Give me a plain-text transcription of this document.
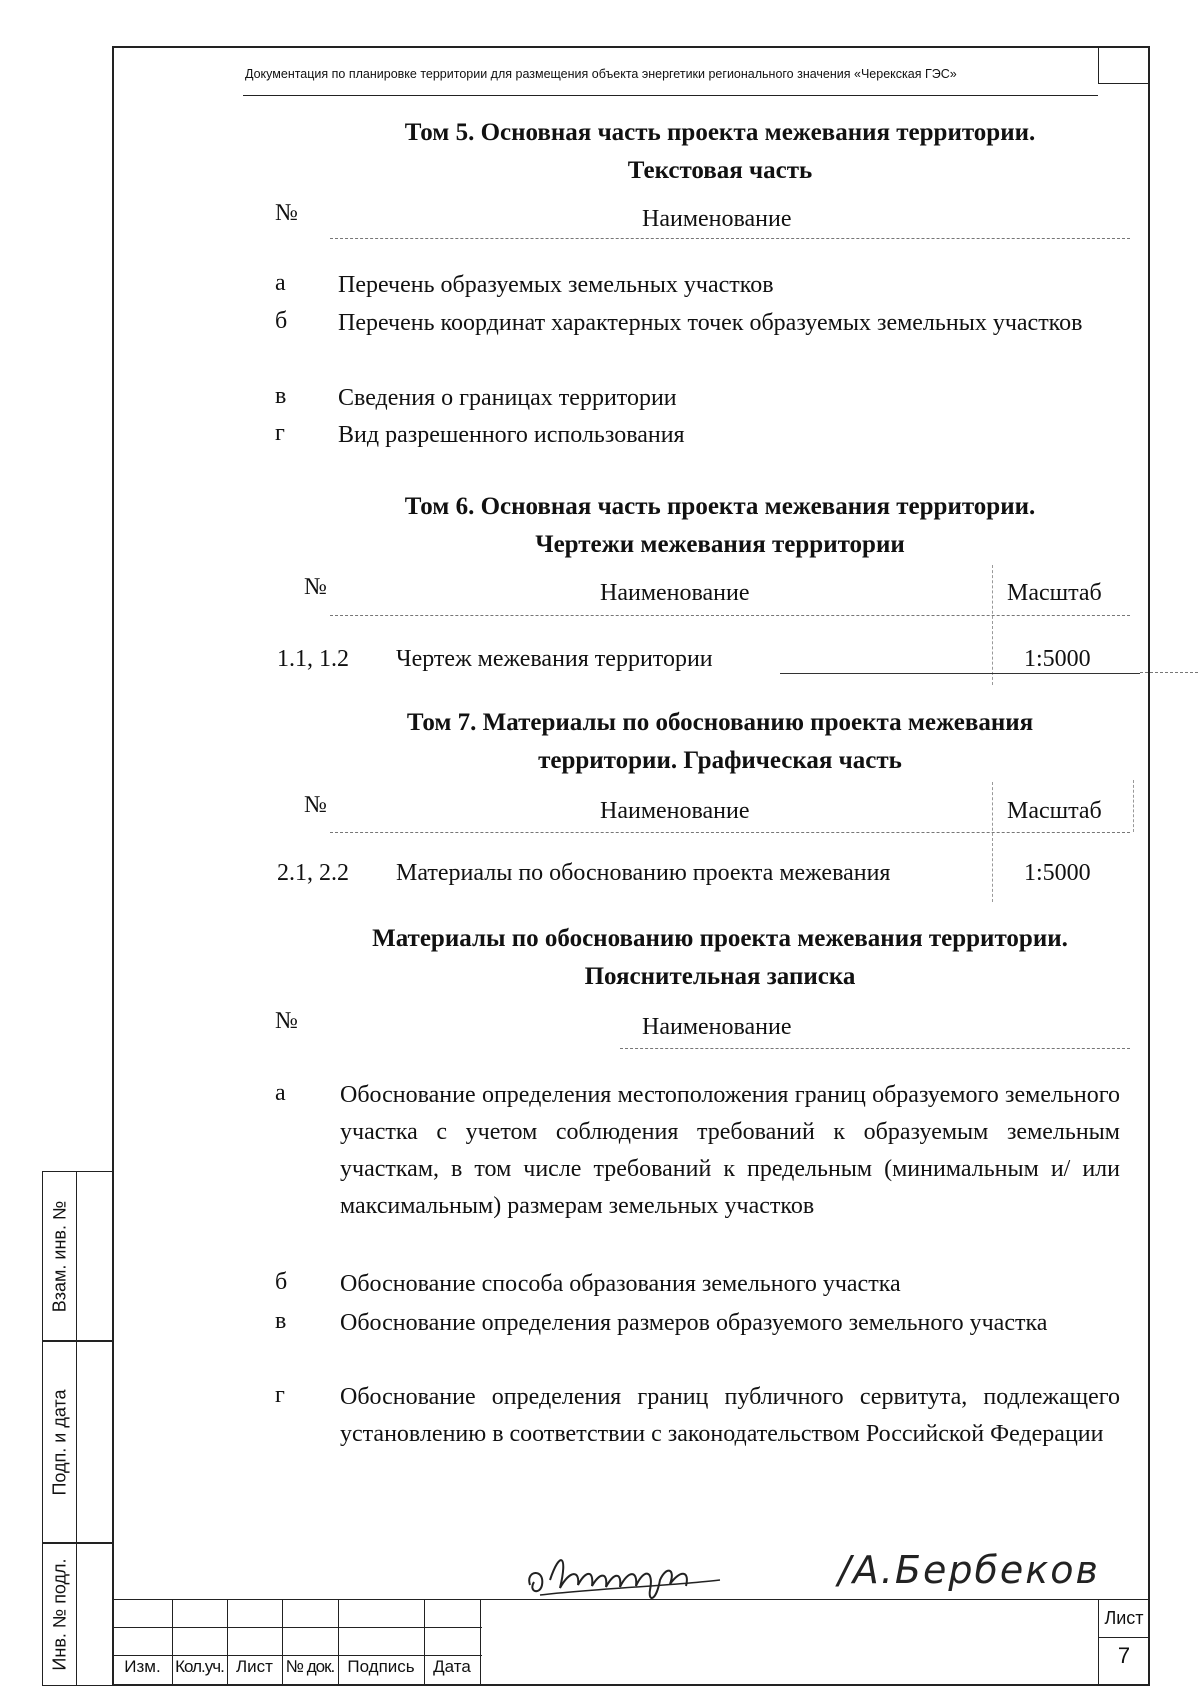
Документация по планировке территории для размещения объекта энергетики регионального значения «Черекская ГЭС»
Том 5. Основная часть проекта межевания территории.
Текстовая часть
№	Наименование
а Перечень образуемых земельных участков
б Перечень координат характерных точек образуемых земельных участков
в Сведения о границах территории
г Вид разрешенного использования
Том 6. Основная часть проекта межевания территории.
Чертежи межевания территории
№	Наименование	Масштаб
1.1, 1.2 Чертеж межевания территории	1:5000
Том 7. Материалы по обоснованию проекта межевания
территории. Графическая часть
№	Наименование	Масштаб
2.1, 2.2 Материалы по обоснованию проекта межевания	1:5000
Материалы по обоснованию проекта межевания территории.
Пояснительная записка
№	Наименование
а Обоснование определения местоположения границ образуемого земельного участка с учетом соблюдения требований к образуемым земельным участкам, в том числе требований к предельным (минимальным и/ или максимальным) размерам земельных участков
б Обоснование способа образования земельного участка
в Обоснование определения размеров образуемого земельного участка
г Обоснование определения границ публичного сервитута, подлежащего установлению в соответствии с законодательством Российской Федерации
/А.Бербеков
Взам. инв. №
Подп. и дата
Инв. № подл.	Изм. Кол.уч. Лист № док. Подпись	Дата
Лист
7
